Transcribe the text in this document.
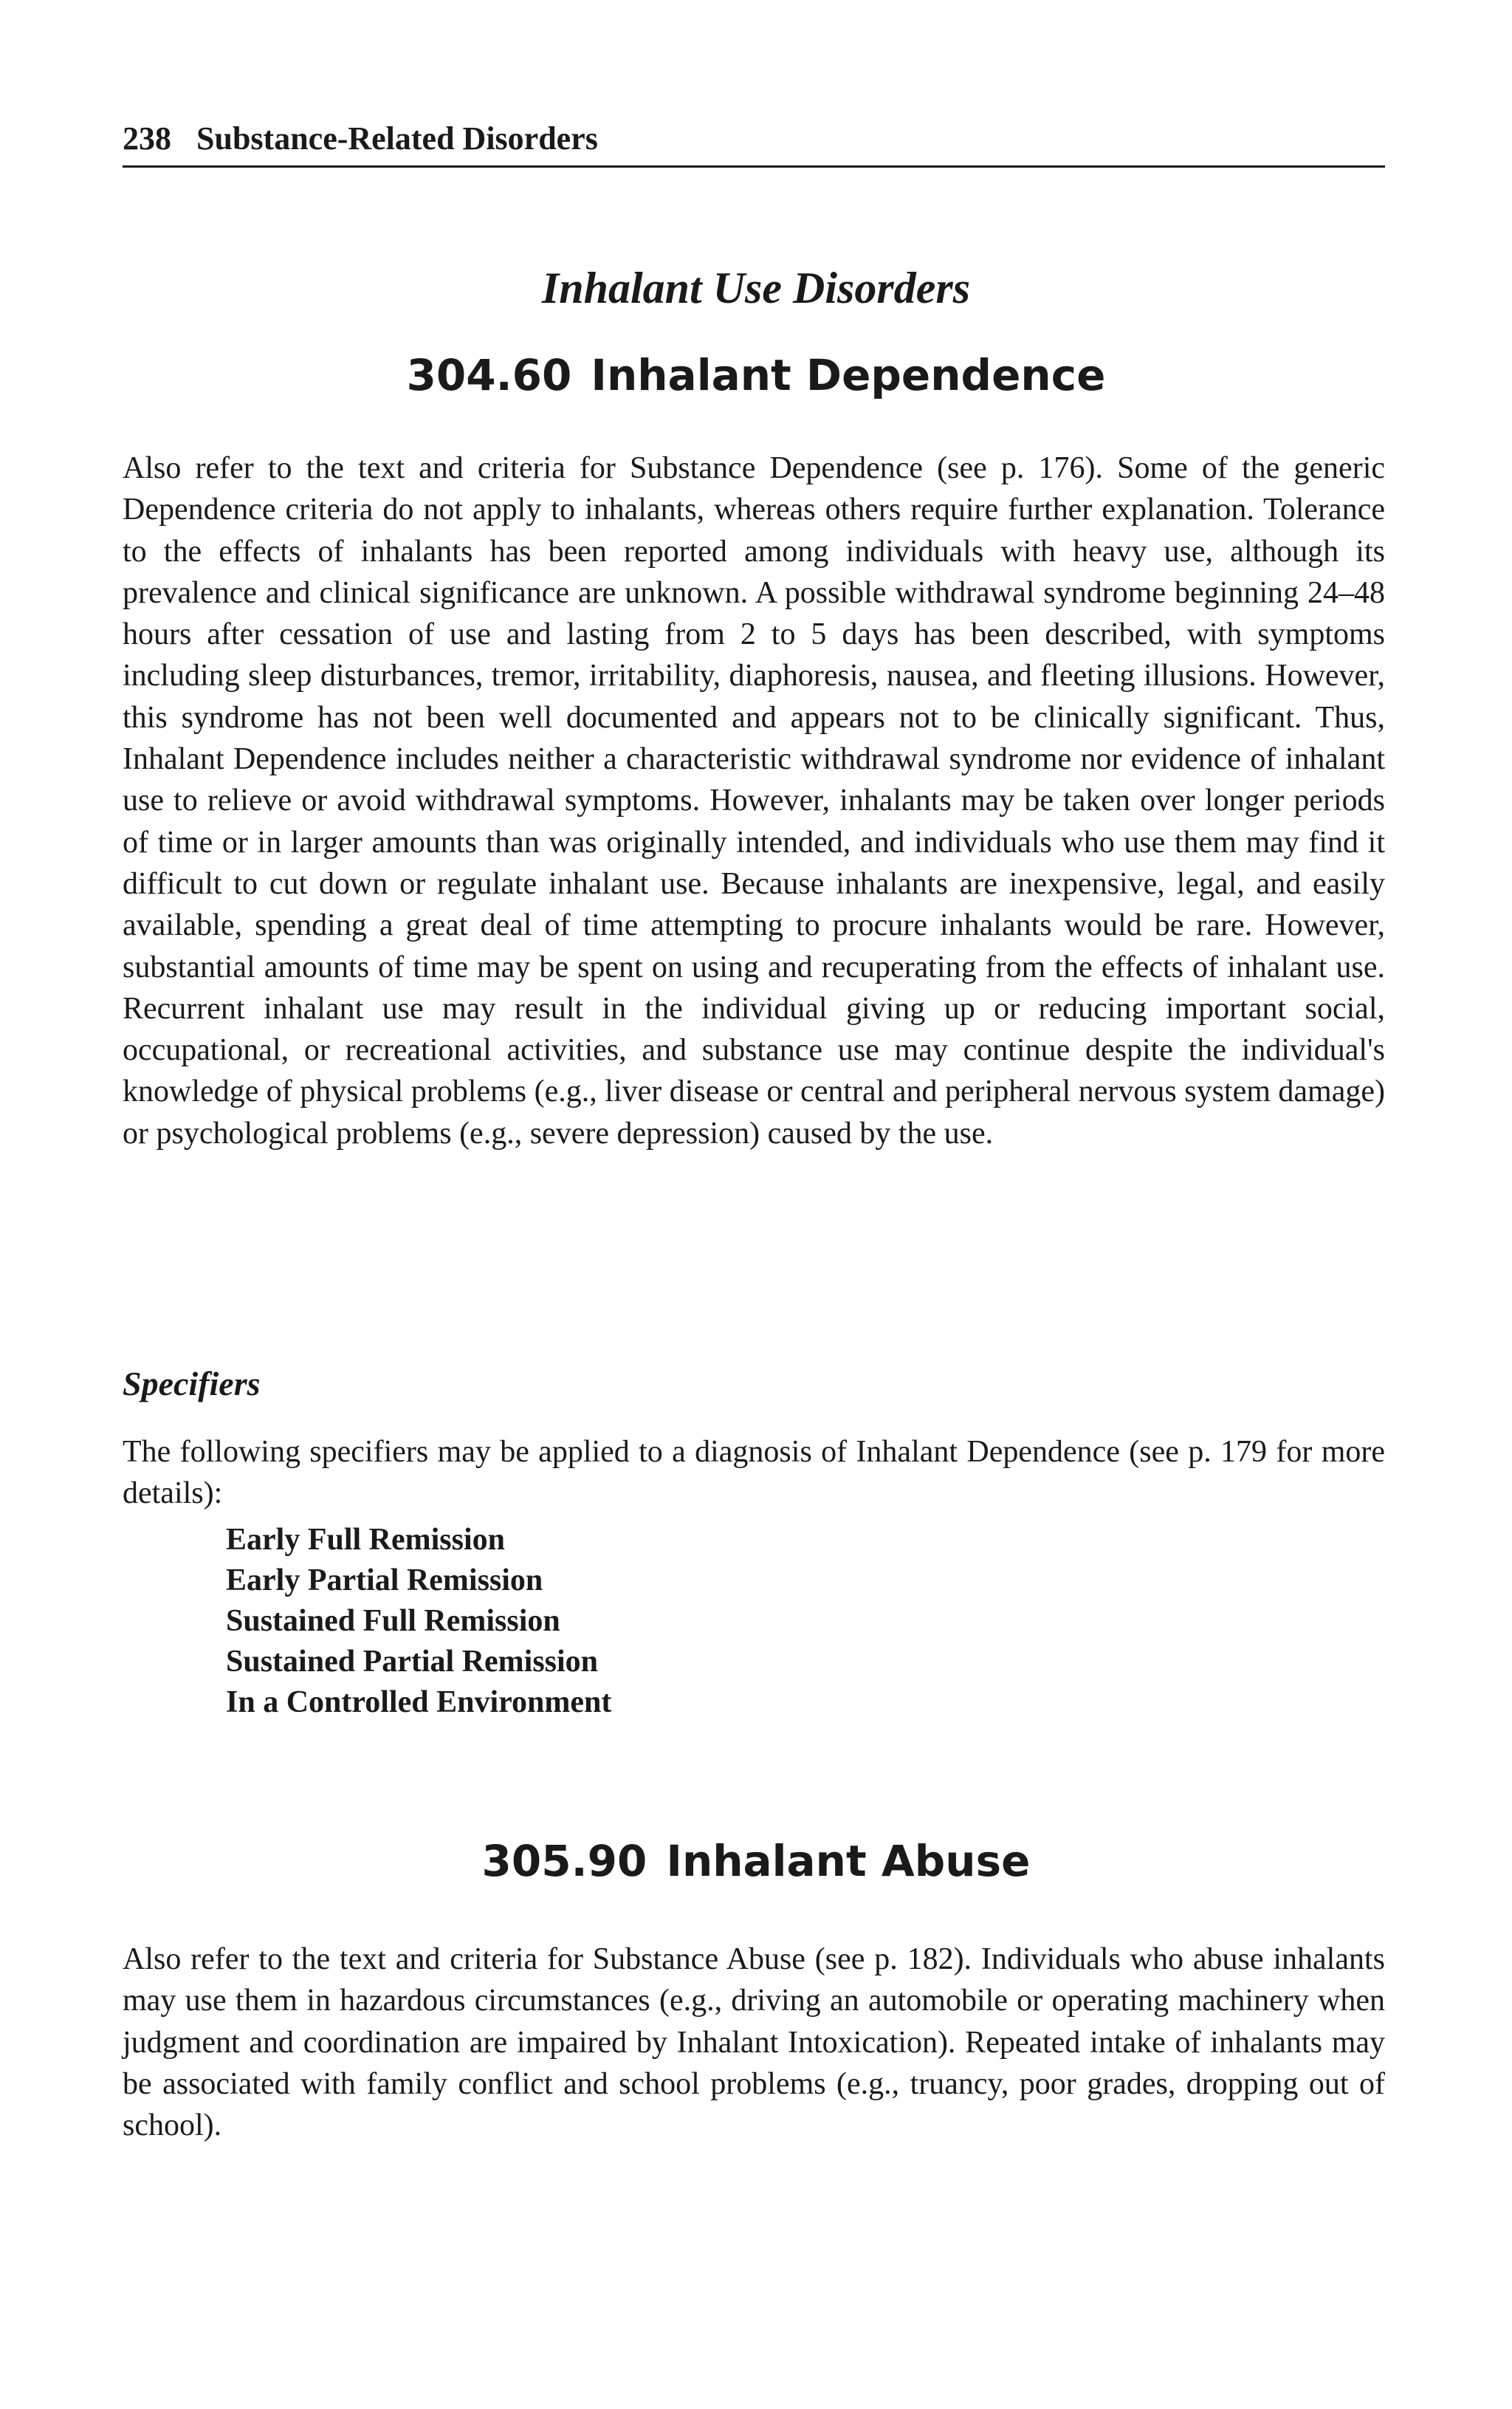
238 Substance-Related Disorders
Inhalant Use Disorders
304.60 Inhalant Dependence

Also refer to the text and criteria for Substance Dependence (see p. 176). Some of the generic Dependence criteria do not apply to inhalants, whereas others require further explanation. Tolerance to the effects of inhalants has been reported among individuals with heavy use, although its prevalence and clinical significance are unknown. A possible withdrawal syndrome beginning 24–48 hours after cessation of use and lasting from 2 to 5 days has been described, with symptoms including sleep disturbances, tremor, irritability, diaphoresis, nausea, and fleeting illusions. However, this syndrome has not been well documented and appears not to be clinically significant. Thus, Inhalant Dependence includes neither a characteristic withdrawal syndrome nor evidence of inhalant use to relieve or avoid withdrawal symptoms. However, inhalants may be taken over longer periods of time or in larger amounts than was originally intended, and individuals who use them may find it difficult to cut down or regulate inhalant use. Because inhalants are inexpensive, legal, and easily available, spending a great deal of time attempting to procure inhalants would be rare. However, substantial amounts of time may be spent on using and recuperating from the effects of inhalant use. Recurrent inhalant use may result in the individual giving up or reducing important social, occupational, or recreational activities, and substance use may continue despite the individual's knowledge of physical problems (e.g., liver disease or central and peripheral nervous system damage) or psychological problems (e.g., severe depression) caused by the use.

Specifiers

The following specifiers may be applied to a diagnosis of Inhalant Dependence (see p. 179 for more details):

Early Full Remission
Early Partial Remission
Sustained Full Remission
Sustained Partial Remission
In a Controlled Environment
305.90 Inhalant Abuse

Also refer to the text and criteria for Substance Abuse (see p. 182). Individuals who abuse inhalants may use them in hazardous circumstances (e.g., driving an automobile or operating machinery when judgment and coordination are impaired by Inhalant Intoxication). Repeated intake of inhalants may be associated with family conflict and school problems (e.g., truancy, poor grades, dropping out of school).
